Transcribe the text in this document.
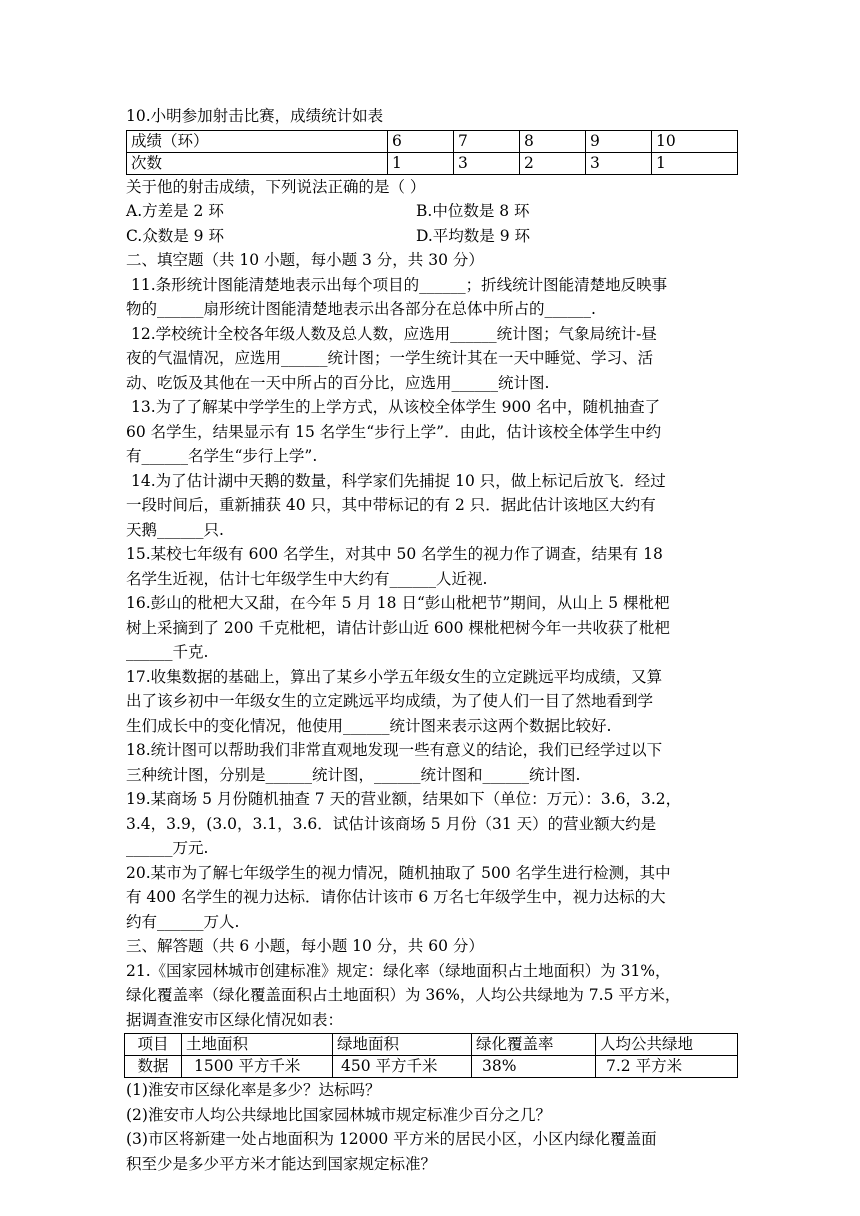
10.小明参加射击比赛，成绩统计如表
成绩（环）	6	7	8	9	10
次数	1	3	2	3	1
关于他的射击成绩，下列说法正确的是（ ）
A.方差是 2 环	B.中位数是 8 环
C.众数是 9 环	D.平均数是 9 环
二、填空题（共 10 小题，每小题 3 分，共 30 分）
11.条形统计图能清楚地表示出每个项目的______；折线统计图能清楚地反映事
物的______扇形统计图能清楚地表示出各部分在总体中所占的______.
12.学校统计全校各年级人数及总人数，应选用______统计图；气象局统计-昼
夜的气温情况，应选用______统计图；一学生统计其在一天中睡觉、学习、活
动、吃饭及其他在一天中所占的百分比，应选用______统计图.
13.为了了解某中学学生的上学方式，从该校全体学生 900 名中，随机抽查了
60 名学生，结果显示有 15 名学生“步行上学”．由此，估计该校全体学生中约
有______名学生“步行上学”.
14.为了估计湖中天鹅的数量，科学家们先捕捉 10 只，做上标记后放飞．经过
一段时间后，重新捕获 40 只，其中带标记的有 2 只．据此估计该地区大约有
天鹅______只.
15.某校七年级有 600 名学生，对其中 50 名学生的视力作了调查，结果有 18
名学生近视，估计七年级学生中大约有______人近视.
16.彭山的枇杷大又甜，在今年 5 月 18 日“彭山枇杷节”期间，从山上 5 棵枇杷
树上采摘到了 200 千克枇杷，请估计彭山近 600 棵枇杷树今年一共收获了枇杷
______千克.
17.收集数据的基础上，算出了某乡小学五年级女生的立定跳远平均成绩，又算
出了该乡初中一年级女生的立定跳远平均成绩，为了使人们一目了然地看到学
生们成长中的变化情况，他使用______统计图来表示这两个数据比较好.
18.统计图可以帮助我们非常直观地发现一些有意义的结论，我们已经学过以下
三种统计图，分别是______统计图，______统计图和______统计图.
19.某商场 5 月份随机抽查 7 天的营业额，结果如下（单位：万元）：3.6，3.2，
3.4，3.9，(3.0，3.1，3.6．试估计该商场 5 月份（31 天）的营业额大约是
______万元.
20.某市为了解七年级学生的视力情况，随机抽取了 500 名学生进行检测，其中
有 400 名学生的视力达标．请你估计该市 6 万名七年级学生中，视力达标的大
约有______万人.
三、解答题（共 6 小题，每小题 10 分，共 60 分）
21.《国家园林城市创建标准》规定：绿化率（绿地面积占土地面积）为 31%，
绿化覆盖率（绿化覆盖面积占土地面积）为 36%，人均公共绿地为 7.5 平方米，
据调查淮安市区绿化情况如表：
项目	土地面积	绿地面积	绿化覆盖率	人均公共绿地
数据	1500 平方千米	450 平方千米	38%	7.2 平方米
(1)淮安市区绿化率是多少？达标吗？
(2)淮安市人均公共绿地比国家园林城市规定标准少百分之几？
(3)市区将新建一处占地面积为 12000 平方米的居民小区，小区内绿化覆盖面
积至少是多少平方米才能达到国家规定标准？
